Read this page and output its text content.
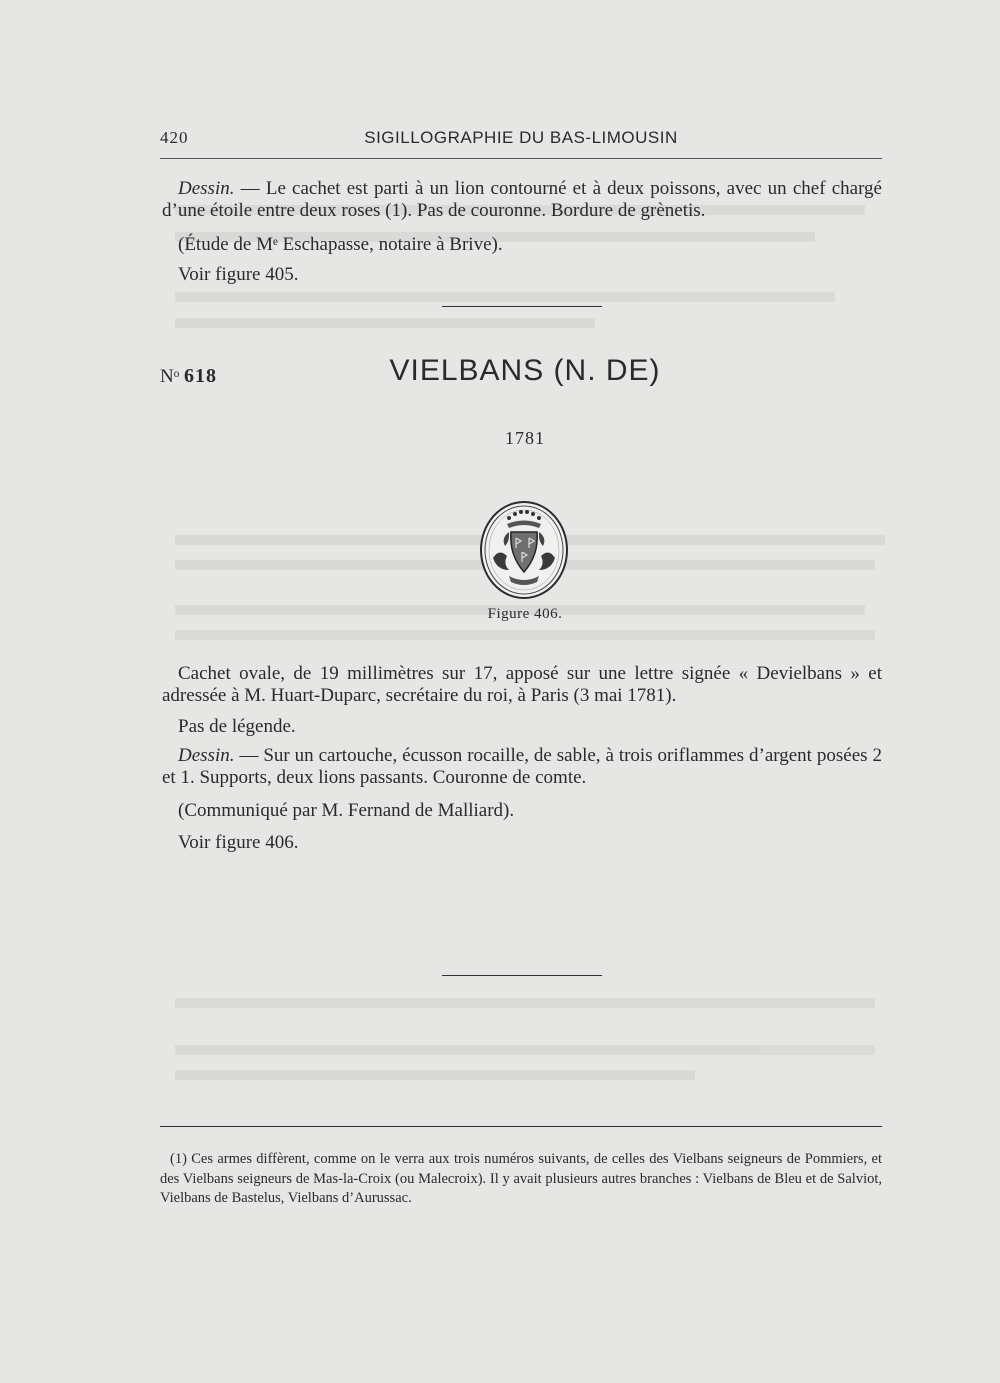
420	SIGILLOGRAPHIE DU BAS-LIMOUSIN

Dessin. — Le cachet est parti à un lion contourné et à deux poissons, avec un chef chargé d’une étoile entre deux roses (1). Pas de couronne. Bordure de grènetis.

(Étude de Mᵉ Eschapasse, notaire à Brive).

Voir figure 405.

Nᵒ 618	VIELBANS (N. DE)
1781
Figure 406.

Cachet ovale, de 19 millimètres sur 17, apposé sur une lettre signée « Devielbans » et adressée à M. Huart-Duparc, secrétaire du roi, à Paris (3 mai 1781).

Pas de légende.

Dessin. — Sur un cartouche, écusson rocaille, de sable, à trois oriflammes d’argent posées 2 et 1. Supports, deux lions passants. Couronne de comte.

(Communiqué par M. Fernand de Malliard).

Voir figure 406.

(1) Ces armes diffèrent, comme on le verra aux trois numéros suivants, de celles des Vielbans seigneurs de Pommiers, et des Vielbans seigneurs de Mas-la-Croix (ou Malecroix). Il y avait plusieurs autres branches : Vielbans de Bleu et de Salviot, Vielbans de Bastelus, Vielbans d’Aurussac.
